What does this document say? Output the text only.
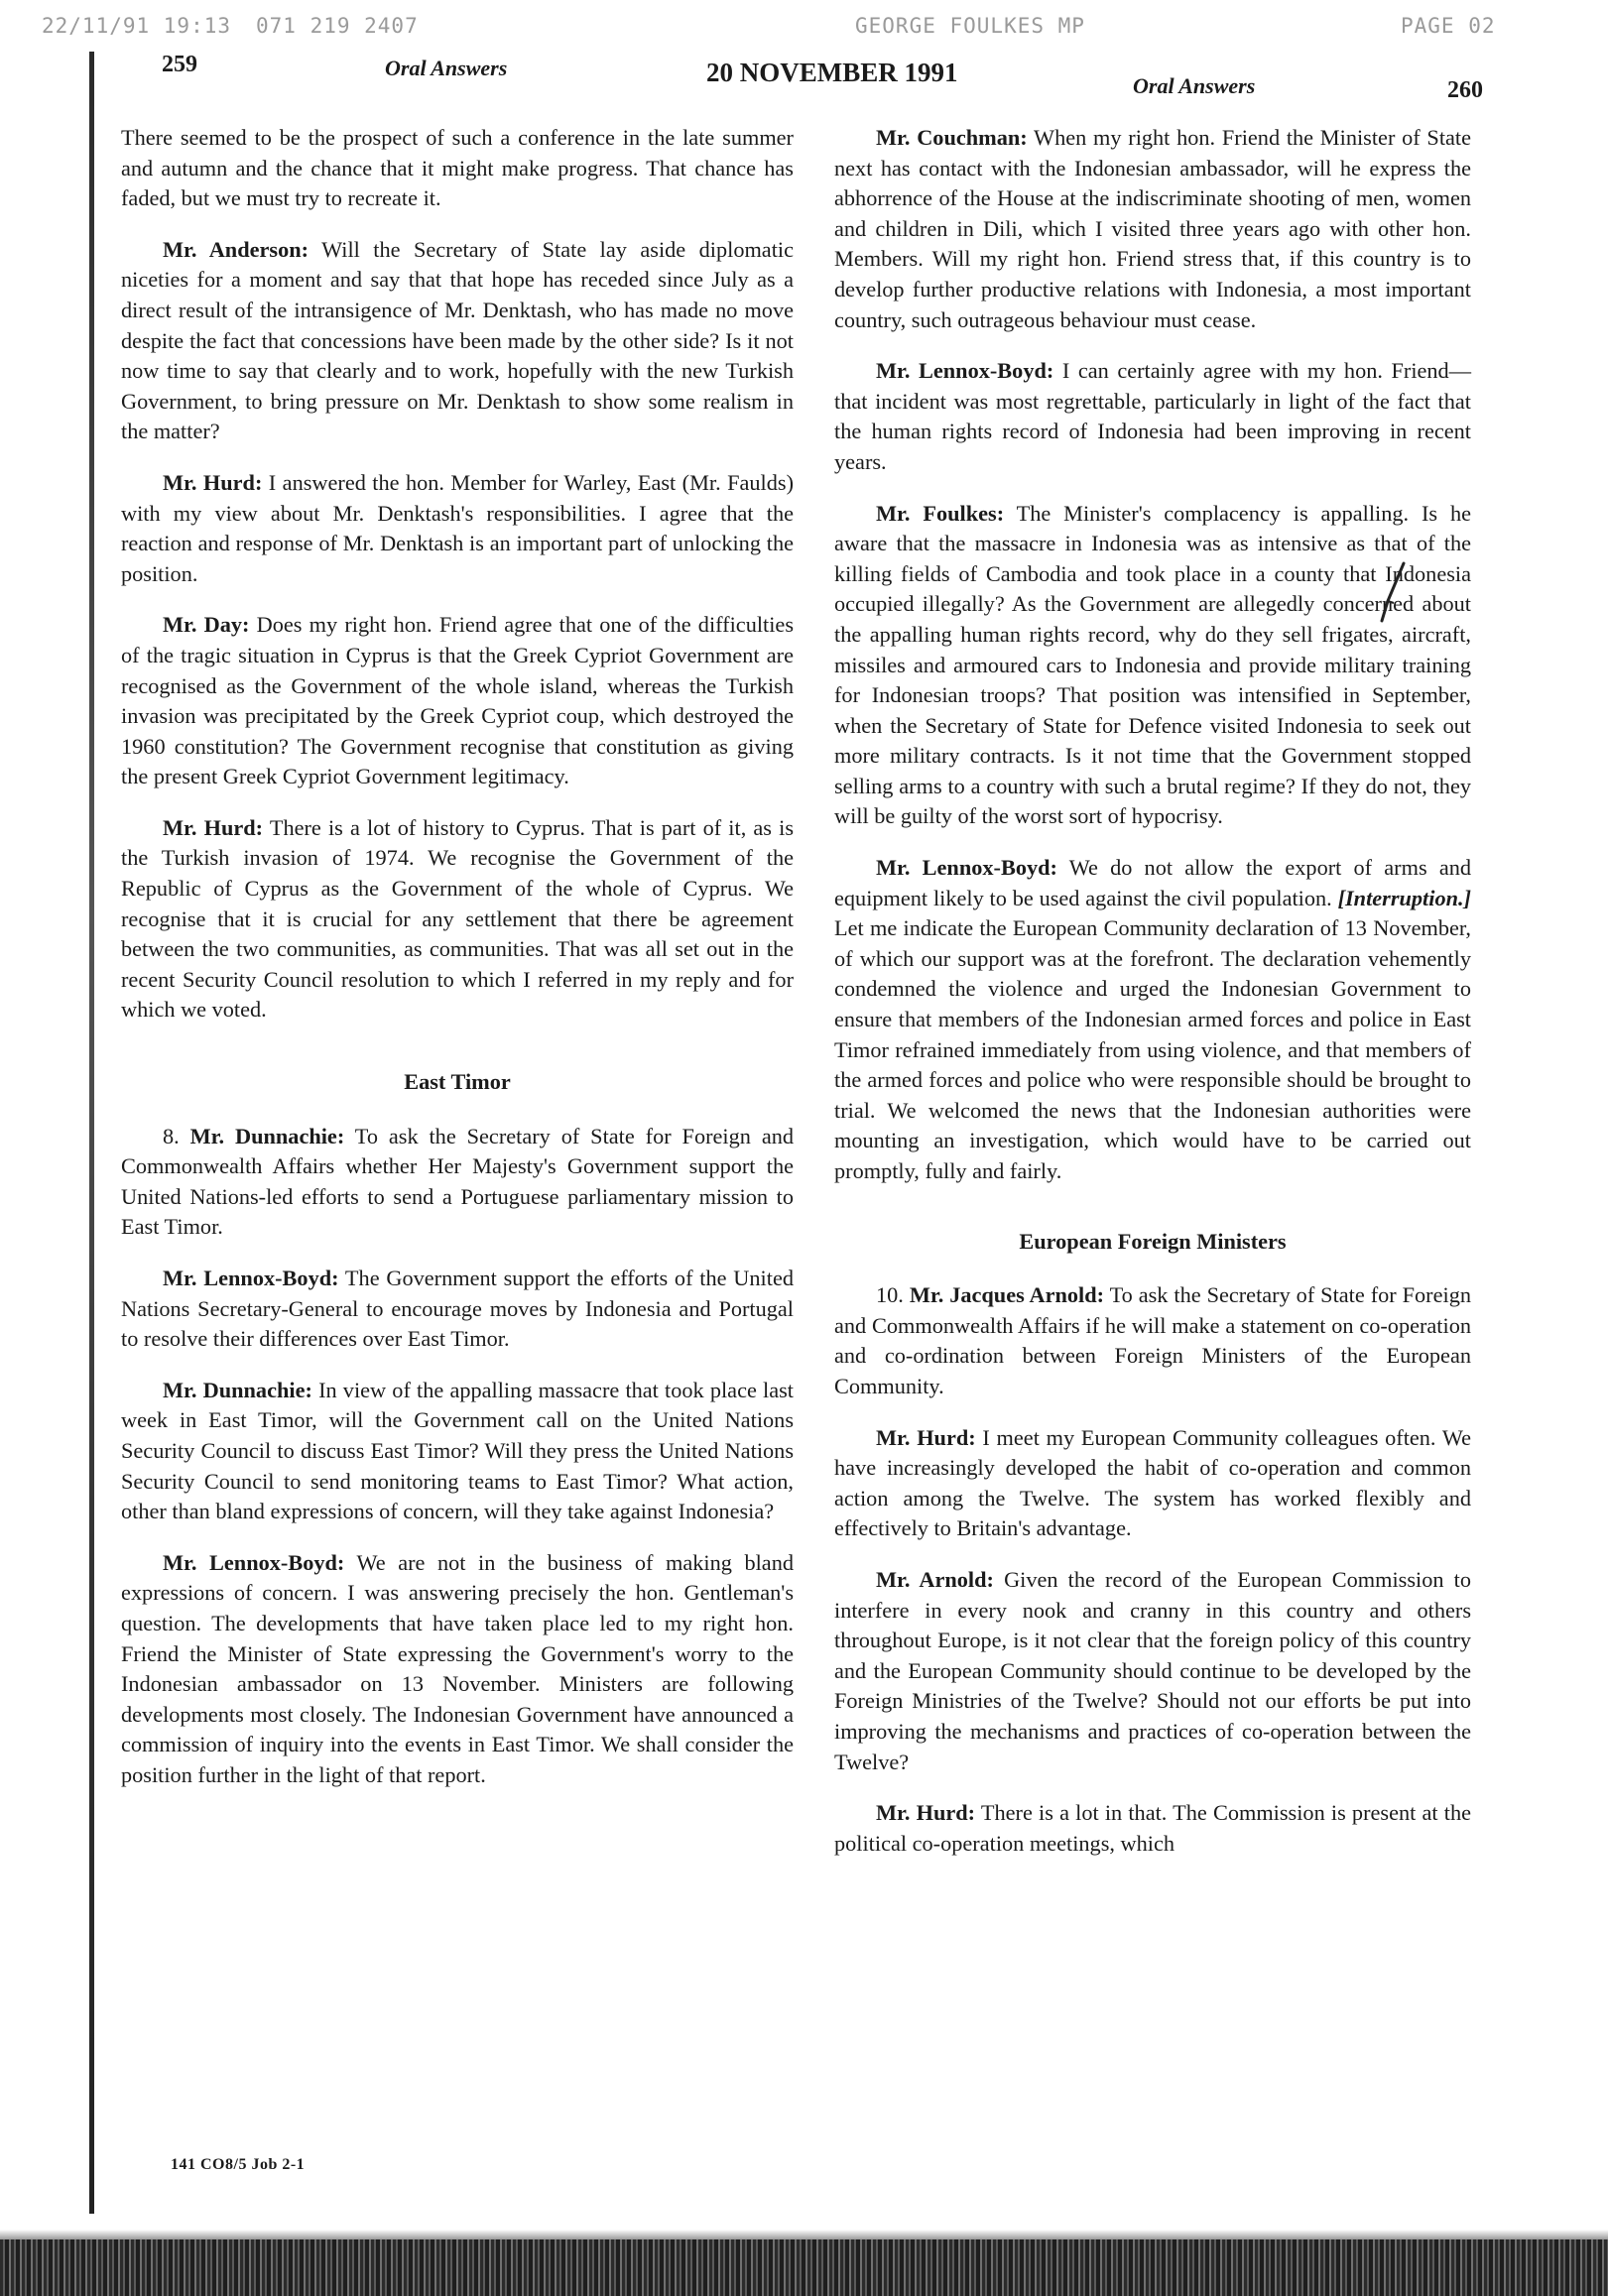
22/11/91 19:13 071 219 2407	GEORGE FOULKES MP	PAGE 02
259	Oral Answers	20 NOVEMBER 1991	Oral Answers	260

There seemed to be the prospect of such a conference in the late summer and autumn and the chance that it might make progress. That chance has faded, but we must try to recreate it.

Mr. Anderson: Will the Secretary of State lay aside diplomatic niceties for a moment and say that that hope has receded since July as a direct result of the intransigence of Mr. Denktash, who has made no move despite the fact that concessions have been made by the other side? Is it not now time to say that clearly and to work, hopefully with the new Turkish Government, to bring pressure on Mr. Denktash to show some realism in the matter?

Mr. Hurd: I answered the hon. Member for Warley, East (Mr. Faulds) with my view about Mr. Denktash's responsibilities. I agree that the reaction and response of Mr. Denktash is an important part of unlocking the position.

Mr. Day: Does my right hon. Friend agree that one of the difficulties of the tragic situation in Cyprus is that the Greek Cypriot Government are recognised as the Government of the whole island, whereas the Turkish invasion was precipitated by the Greek Cypriot coup, which destroyed the 1960 constitution? The Government recognise that constitution as giving the present Greek Cypriot Government legitimacy.

Mr. Hurd: There is a lot of history to Cyprus. That is part of it, as is the Turkish invasion of 1974. We recognise the Government of the Republic of Cyprus as the Government of the whole of Cyprus. We recognise that it is crucial for any settlement that there be agreement between the two communities, as communities. That was all set out in the recent Security Council resolution to which I referred in my reply and for which we voted.

East Timor

8. Mr. Dunnachie: To ask the Secretary of State for Foreign and Commonwealth Affairs whether Her Majesty's Government support the United Nations-led efforts to send a Portuguese parliamentary mission to East Timor.

Mr. Lennox-Boyd: The Government support the efforts of the United Nations Secretary-General to encourage moves by Indonesia and Portugal to resolve their differences over East Timor.

Mr. Dunnachie: In view of the appalling massacre that took place last week in East Timor, will the Government call on the United Nations Security Council to discuss East Timor? Will they press the United Nations Security Council to send monitoring teams to East Timor? What action, other than bland expressions of concern, will they take against Indonesia?

Mr. Lennox-Boyd: We are not in the business of making bland expressions of concern. I was answering precisely the hon. Gentleman's question. The developments that have taken place led to my right hon. Friend the Minister of State expressing the Government's worry to the Indonesian ambassador on 13 November. Ministers are following developments most closely. The Indonesian Government have announced a commission of inquiry into the events in East Timor. We shall consider the position further in the light of that report.

Mr. Couchman: When my right hon. Friend the Minister of State next has contact with the Indonesian ambassador, will he express the abhorrence of the House at the indiscriminate shooting of men, women and children in Dili, which I visited three years ago with other hon. Members. Will my right hon. Friend stress that, if this country is to develop further productive relations with Indonesia, a most important country, such outrageous behaviour must cease.

Mr. Lennox-Boyd: I can certainly agree with my hon. Friend—that incident was most regrettable, particularly in light of the fact that the human rights record of Indonesia had been improving in recent years.

Mr. Foulkes: The Minister's complacency is appalling. Is he aware that the massacre in Indonesia was as intensive as that of the killing fields of Cambodia and took place in a county that Indonesia occupied illegally? As the Government are allegedly concerned about the appalling human rights record, why do they sell frigates, aircraft, missiles and armoured cars to Indonesia and provide military training for Indonesian troops? That position was intensified in September, when the Secretary of State for Defence visited Indonesia to seek out more military contracts. Is it not time that the Government stopped selling arms to a country with such a brutal regime? If they do not, they will be guilty of the worst sort of hypocrisy.

Mr. Lennox-Boyd: We do not allow the export of arms and equipment likely to be used against the civil population. [Interruption.] Let me indicate the European Community declaration of 13 November, of which our support was at the forefront. The declaration vehemently condemned the violence and urged the Indonesian Government to ensure that members of the Indonesian armed forces and police in East Timor refrained immediately from using violence, and that members of the armed forces and police who were responsible should be brought to trial. We welcomed the news that the Indonesian authorities were mounting an investigation, which would have to be carried out promptly, fully and fairly.

European Foreign Ministers

10. Mr. Jacques Arnold: To ask the Secretary of State for Foreign and Commonwealth Affairs if he will make a statement on co-operation and co-ordination between Foreign Ministers of the European Community.

Mr. Hurd: I meet my European Community colleagues often. We have increasingly developed the habit of co-operation and common action among the Twelve. The system has worked flexibly and effectively to Britain's advantage.

Mr. Arnold: Given the record of the European Commission to interfere in every nook and cranny in this country and others throughout Europe, is it not clear that the foreign policy of this country and the European Community should continue to be developed by the Foreign Ministries of the Twelve? Should not our efforts be put into improving the mechanisms and practices of co-operation between the Twelve?

Mr. Hurd: There is a lot in that. The Commission is present at the political co-operation meetings, which

141 CO8/5 Job 2-1
